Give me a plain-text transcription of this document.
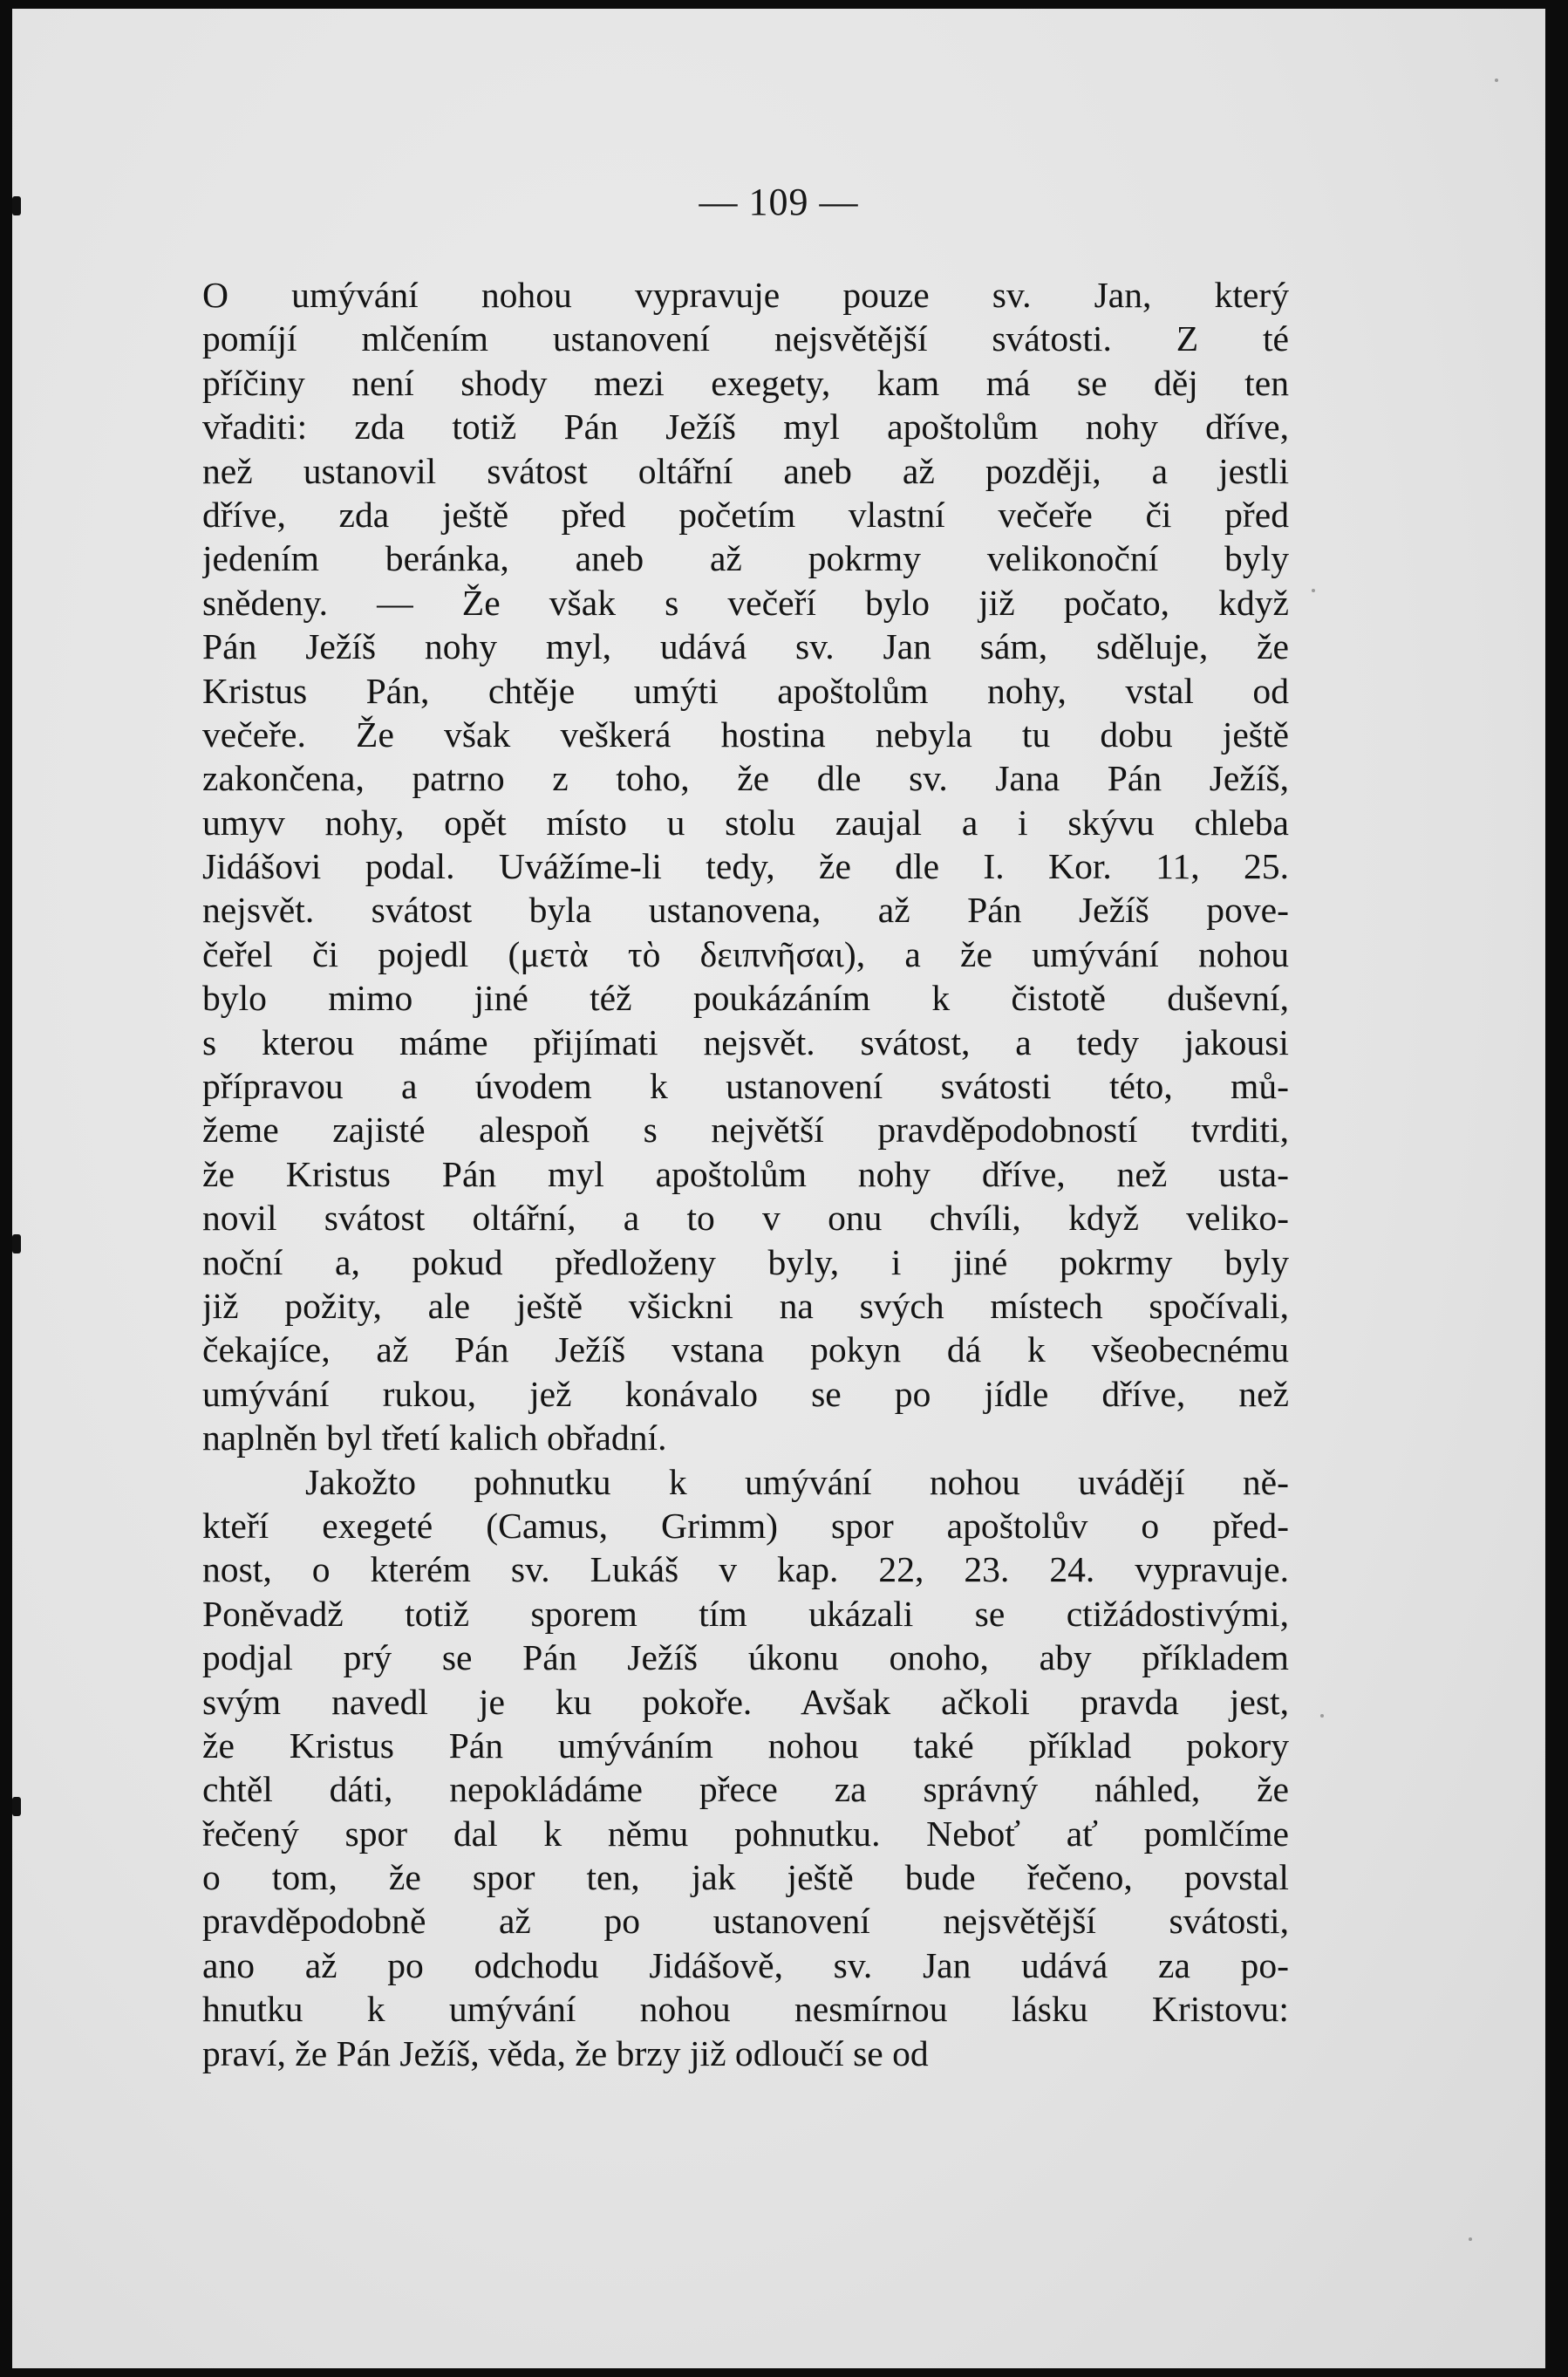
— 109 —
O umývání nohou vypravuje pouze sv. Jan, který
pomíjí mlčením ustanovení nejsvětější svátosti. Z té
příčiny není shody mezi exegety, kam má se děj ten
vřaditi: zda totiž Pán Ježíš myl apoštolům nohy dříve,
než ustanovil svátost oltářní aneb až později, a jestli
dříve, zda ještě před početím vlastní večeře či před
jedením beránka, aneb až pokrmy velikonoční byly
snědeny. — Že však s večeří bylo již počato, když
Pán Ježíš nohy myl, udává sv. Jan sám, sděluje, že
Kristus Pán, chtěje umýti apoštolům nohy, vstal od
večeře. Že však veškerá hostina nebyla tu dobu ještě
zakončena, patrno z toho, že dle sv. Jana Pán Ježíš,
umyv nohy, opět místo u stolu zaujal a i skývu chleba
Jidášovi podal. Uvážíme-li tedy, že dle I. Kor. 11, 25.
nejsvět. svátost byla ustanovena, až Pán Ježíš pove-
čeřel či pojedl (μετὰ τὸ δειπνῆσαι), a že umývání nohou
bylo mimo jiné též poukázáním k čistotě duševní,
s kterou máme přijímati nejsvět. svátost, a tedy jakousi
přípravou a úvodem k ustanovení svátosti této, mů-
žeme zajisté alespoň s největší pravděpodobností tvrditi,
že Kristus Pán myl apoštolům nohy dříve, než usta-
novil svátost oltářní, a to v onu chvíli, když veliko-
noční a, pokud předloženy byly, i jiné pokrmy byly
již požity, ale ještě všickni na svých místech spočívali,
čekajíce, až Pán Ježíš vstana pokyn dá k všeobecnému
umývání rukou, jež konávalo se po jídle dříve, než
naplněn byl třetí kalich obřadní.
Jakožto pohnutku k umývání nohou uvádějí ně-
kteří exegeté (Camus, Grimm) spor apoštolův o před-
nost, o kterém sv. Lukáš v kap. 22, 23. 24. vypravuje.
Poněvadž totiž sporem tím ukázali se ctižádostivými,
podjal prý se Pán Ježíš úkonu onoho, aby příkladem
svým navedl je ku pokoře. Avšak ačkoli pravda jest,
že Kristus Pán umýváním nohou také příklad pokory
chtěl dáti, nepokládáme přece za správný náhled, že
řečený spor dal k němu pohnutku. Neboť ať pomlčíme
o tom, že spor ten, jak ještě bude řečeno, povstal
pravděpodobně až po ustanovení nejsvětější svátosti,
ano až po odchodu Jidášově, sv. Jan udává za po-
hnutku k umývání nohou nesmírnou lásku Kristovu:
praví, že Pán Ježíš, věda, že brzy již odloučí se od
